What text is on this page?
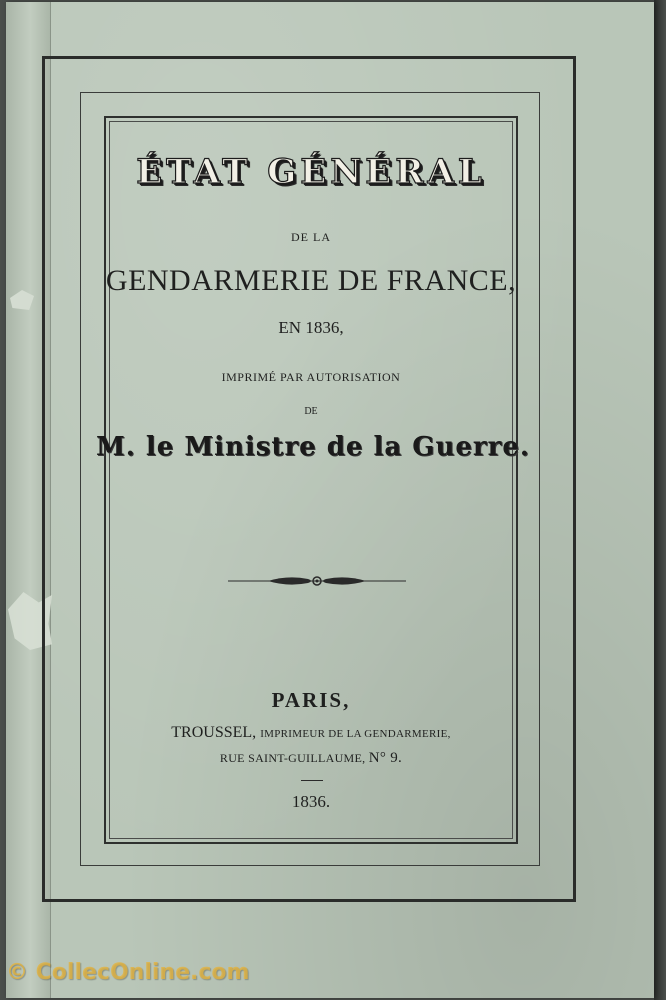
ÉTAT GÉNÉRAL
DE LA
GENDARMERIE DE FRANCE,
EN 1836,
IMPRIMÉ PAR AUTORISATION
DE
M. le Ministre de la Guerre.
PARIS,
TROUSSEL, IMPRIMEUR DE LA GENDARMERIE,
RUE SAINT-GUILLAUME, N° 9.
1836.
© CollecOnline.com
